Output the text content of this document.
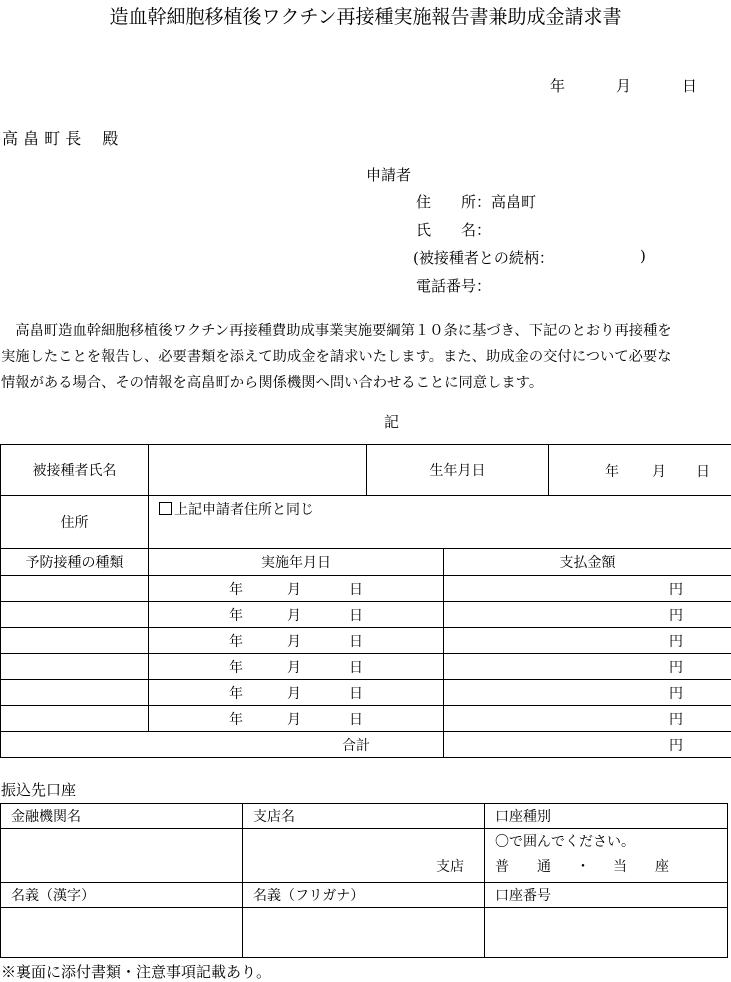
造血幹細胞移植後ワクチン再接種実施報告書兼助成金請求書
年	月	日
高 畠 町 長　 殿
申請者
住　　所：高畠町
氏　　名：
(被接種者との続柄：	)
電話番号：
　高畠町造血幹細胞移植後ワクチン再接種費助成事業実施要綱第１０条に基づき、下記のとおり再接種を
実施したことを報告し、必要書類を添えて助成金を請求いたします。また、助成金の交付について必要な
情報がある場合、その情報を高畠町から関係機関へ問い合わせることに同意します。
記
被接種者氏名		生年月日	年 月 日

住所	上記申請者住所と同じ		
予防接種の種類	実施年月日	支払金額
	年 月 日	円
	年 月 日	円
	年 月 日	円
	年 月 日	円
	年 月 日	円
	年 月 日	円
合計		円
振込先口座
金融機関名	支店名	口座種別
	支店	〇で囲んでください。
普　　通 ・ 当　　座

名義（漢字）	名義（フリガナ）	口座番号

※裏面に添付書類・注意事項記載あり。
